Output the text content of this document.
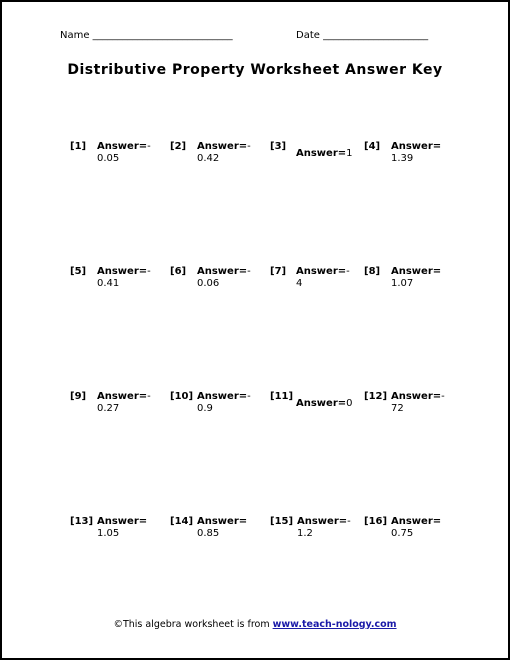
Name ____________________________	Date _____________________
Distributive Property Worksheet Answer Key
[1] Answer=-0.05
[2] Answer=-0.42
[3]
Answer=1
[4] Answer=1.39
[5] Answer=-0.41
[6] Answer=-0.06
[7] Answer=-4
[8] Answer=1.07
[9] Answer=-0.27
[10] Answer=-0.9
[11]
Answer=0
[12] Answer=-72
[13] Answer=1.05
[14] Answer=0.85
[15] Answer=-1.2
[16] Answer=0.75
©This algebra worksheet is from www.teach-nology.com
